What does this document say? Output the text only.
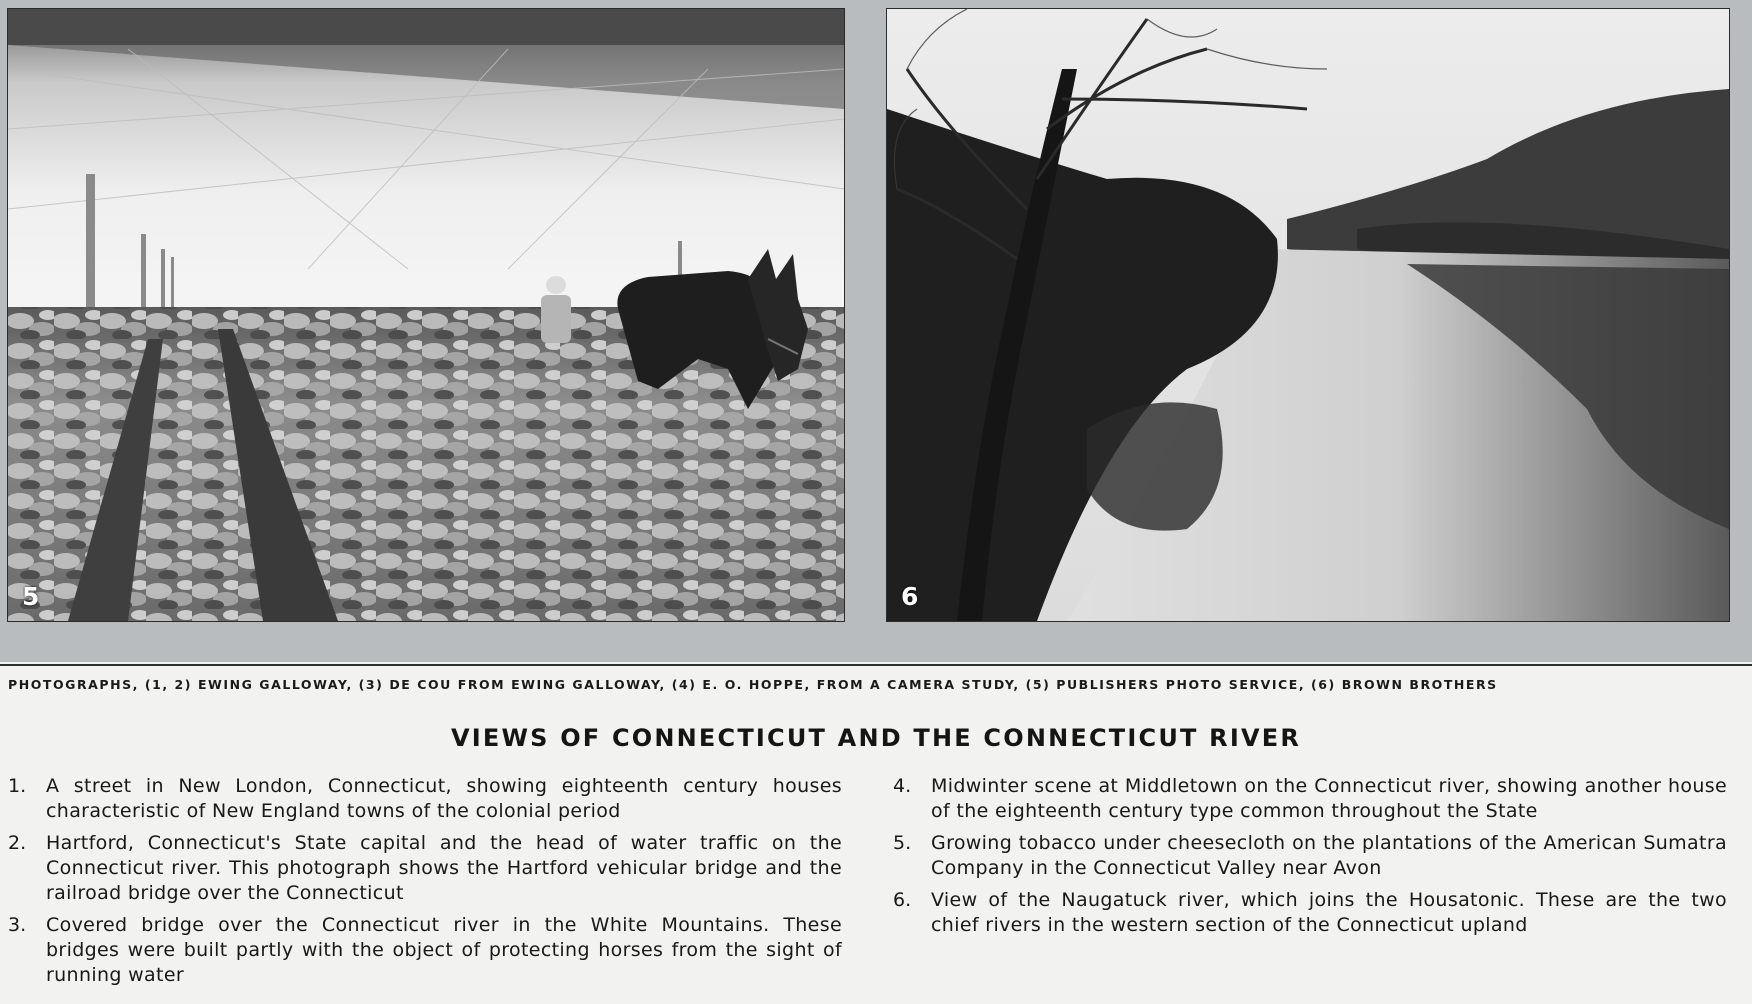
5	6
PHOTOGRAPHS, (1, 2) EWING GALLOWAY, (3) DE COU FROM EWING GALLOWAY, (4) E. O. HOPPE, FROM A CAMERA STUDY, (5) PUBLISHERS PHOTO SERVICE, (6) BROWN BROTHERS
VIEWS OF CONNECTICUT AND THE CONNECTICUT RIVER
1.	A street in New London, Connecticut, showing eighteenth century houses characteristic of New England towns of the colonial period
2.	Hartford, Connecticut's State capital and the head of water traffic on the Connecticut river. This photograph shows the Hartford vehicular bridge and the railroad bridge over the Connecticut
3.	Covered bridge over the Connecticut river in the White Mountains. These bridges were built partly with the object of protecting horses from the sight of running water
4.	Midwinter scene at Middletown on the Connecticut river, showing another house of the eighteenth century type common throughout the State
5.	Growing tobacco under cheesecloth on the plantations of the American Sumatra Company in the Connecticut Valley near Avon
6.	View of the Naugatuck river, which joins the Housatonic. These are the two chief rivers in the western section of the Connecticut upland
